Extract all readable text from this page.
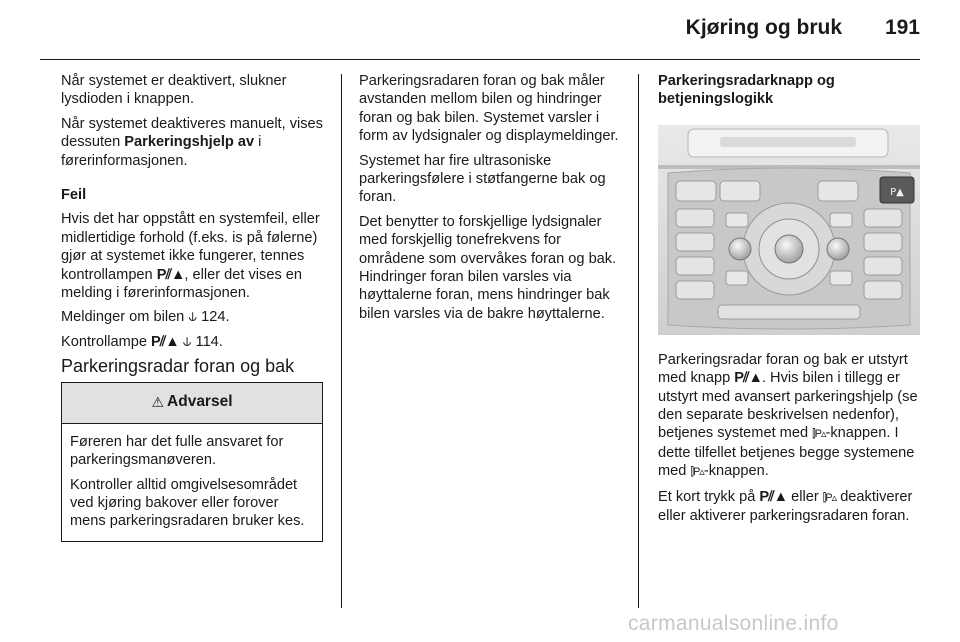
Kjøring og bruk 191

Når systemet er deaktivert, slukner lysdioden i knappen.

Når systemet deaktiveres manuelt, vises dessuten Parkeringshjelp av i førerinformasjonen.

Feil

Hvis det har oppstått en systemfeil, eller midlertidige forhold (f.eks. is på følerne) gjør at systemet ikke fungerer, tennes kontrollampen P⫽▲, eller det vises en melding i førerinformasjonen.

Meldinger om bilen ⫝ 124.

Kontrollampe P⫽▲ ⫝ 114.

Parkeringsradar foran og bak

⚠ Advarsel

Føreren har det fulle ansvaret for parkeringsmanøveren.

Kontroller alltid omgivelsesområdet ved kjøring bakover eller forover mens parkeringsradaren bruker kes.

Parkeringsradaren foran og bak måler avstanden mellom bilen og hindringer foran og bak bilen. Systemet varsler i form av lydsignaler og displaymeldinger.

Systemet har fire ultrasoniske parkeringsfølere i støtfangerne bak og foran.

Det benytter to forskjellige lydsignaler med forskjellig tonefrekvens for områdene som overvåkes foran og bak. Hindringer foran bilen varsles via høyttalerne foran, mens hindringer bak bilen varsles via de bakre høyttalerne.

Parkeringsradarknapp og betjeningslogikk

P▲

Parkeringsradar foran og bak er utstyrt med knapp P⫽▲. Hvis bilen i tillegg er utstyrt med avansert parkeringshjelp (se den separate beskrivelsen nedenfor), betjenes systemet med ⫿P▵-knappen. I dette tilfellet betjenes begge systemene med ⫿P▵-knappen.

Et kort trykk på P⫽▲ eller ⫿P▵ deaktiverer eller aktiverer parkeringsradaren foran.

carmanualsonline.info
